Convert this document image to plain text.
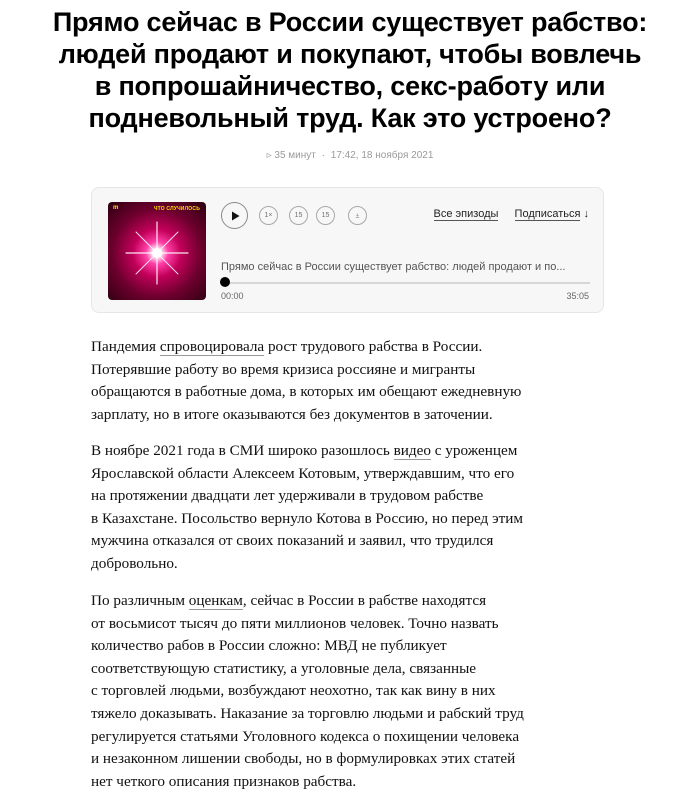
Прямо сейчас в России существует рабство:
людей продают и покупают, чтобы вовлечь
в попрошайничество, секс-работу или
подневольный труд. Как это устроено?
▹ 35 минут · 17:42, 18 ноября 2021
m	ЧТО СЛУЧИЛОСЬ
1×	15	15	Все эпизоды Подписаться ↓
Прямо сейчас в России существует рабство: людей продают и по...
00:00	35:05

Пандемия спровоцировала рост трудового рабства в России.

Потерявшие работу во время кризиса россияне и мигранты

обращаются в работные дома, в которых им обещают ежедневную

зарплату, но в итоге оказываются без документов в заточении.

В ноябре 2021 года в СМИ широко разошлось видео с уроженцем

Ярославской области Алексеем Котовым, утверждавшим, что его

на протяжении двадцати лет удерживали в трудовом рабстве

в Казахстане. Посольство вернуло Котова в Россию, но перед этим

мужчина отказался от своих показаний и заявил, что трудился

добровольно.

По различным оценкам, сейчас в России в рабстве находятся

от восьмисот тысяч до пяти миллионов человек. Точно назвать

количество рабов в России сложно: МВД не публикует

соответствующую статистику, а уголовные дела, связанные

с торговлей людьми, возбуждают неохотно, так как вину в них

тяжело доказывать. Наказание за торговлю людьми и рабский труд

регулируется статьями Уголовного кодекса о похищении человека

и незаконном лишении свободы, но в формулировках этих статей

нет четкого описания признаков рабства.
